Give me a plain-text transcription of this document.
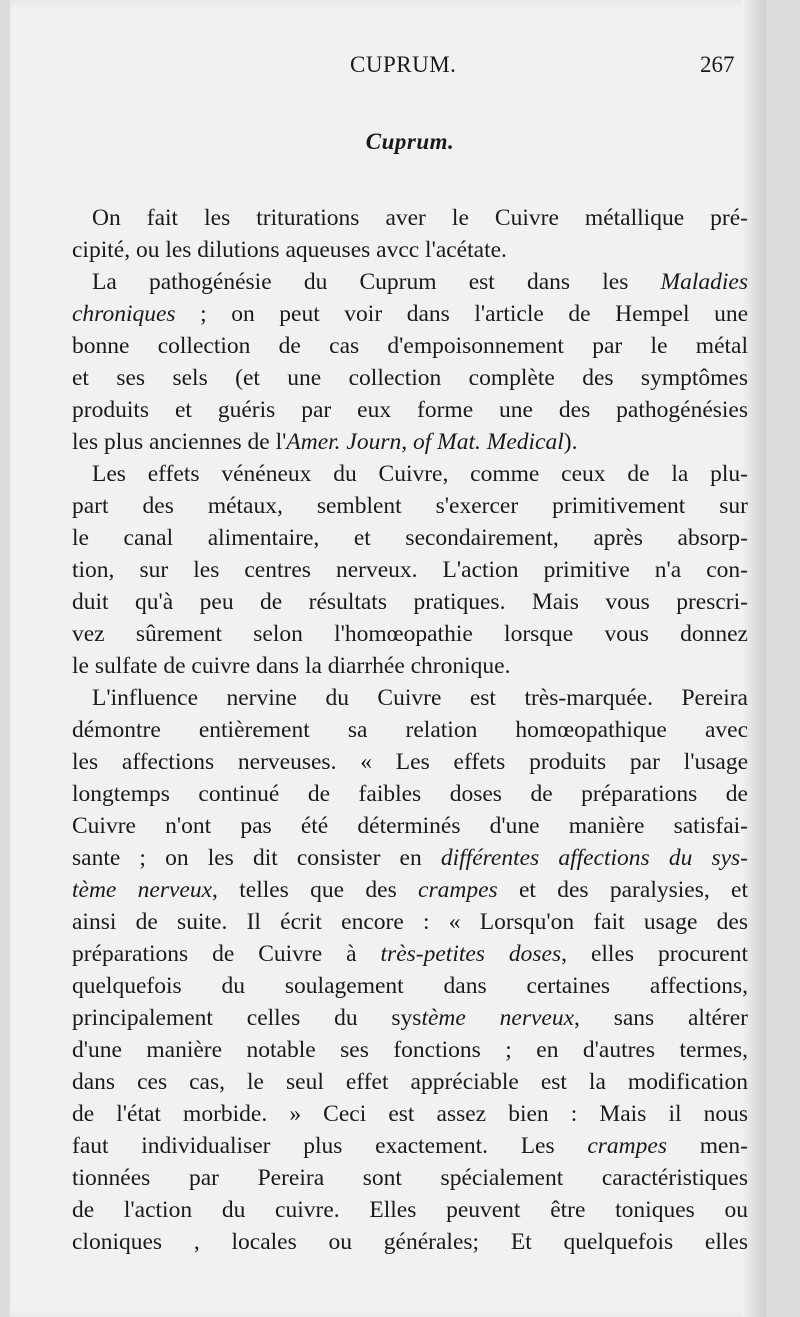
CUPRUM.	267
Cuprum.
On fait les triturations aver le Cuivre métallique pré-
cipité, ou les dilutions aqueuses avcc l'acétate.
La pathogénésie du Cuprum est dans les Maladies
chroniques ; on peut voir dans l'article de Hempel une
bonne collection de cas d'empoisonnement par le métal
et ses sels (et une collection complète des symptômes
produits et guéris par eux forme une des pathogénésies
les plus anciennes de l'Amer. Journ, of Mat. Medical).
Les effets vénéneux du Cuivre, comme ceux de la plu-
part des métaux, semblent s'exercer primitivement sur
le canal alimentaire, et secondairement, après absorp-
tion, sur les centres nerveux. L'action primitive n'a con-
duit qu'à peu de résultats pratiques. Mais vous prescri-
vez sûrement selon l'homœopathie lorsque vous donnez
le sulfate de cuivre dans la diarrhée chronique.
L'influence nervine du Cuivre est très-marquée. Pereira
démontre entièrement sa relation homœopathique avec
les affections nerveuses. « Les effets produits par l'usage
longtemps continué de faibles doses de préparations de
Cuivre n'ont pas été déterminés d'une manière satisfai-
sante ; on les dit consister en différentes affections du sys-
tème nerveux, telles que des crampes et des paralysies, et
ainsi de suite. Il écrit encore : « Lorsqu'on fait usage des
préparations de Cuivre à très-petites doses, elles procurent
quelquefois du soulagement dans certaines affections,
principalement celles du système nerveux, sans altérer
d'une manière notable ses fonctions ; en d'autres termes,
dans ces cas, le seul effet appréciable est la modification
de l'état morbide. » Ceci est assez bien : Mais il nous
faut individualiser plus exactement. Les crampes men-
tionnées par Pereira sont spécialement caractéristiques
de l'action du cuivre. Elles peuvent être toniques ou
cloniques , locales ou générales; Et quelquefois elles
